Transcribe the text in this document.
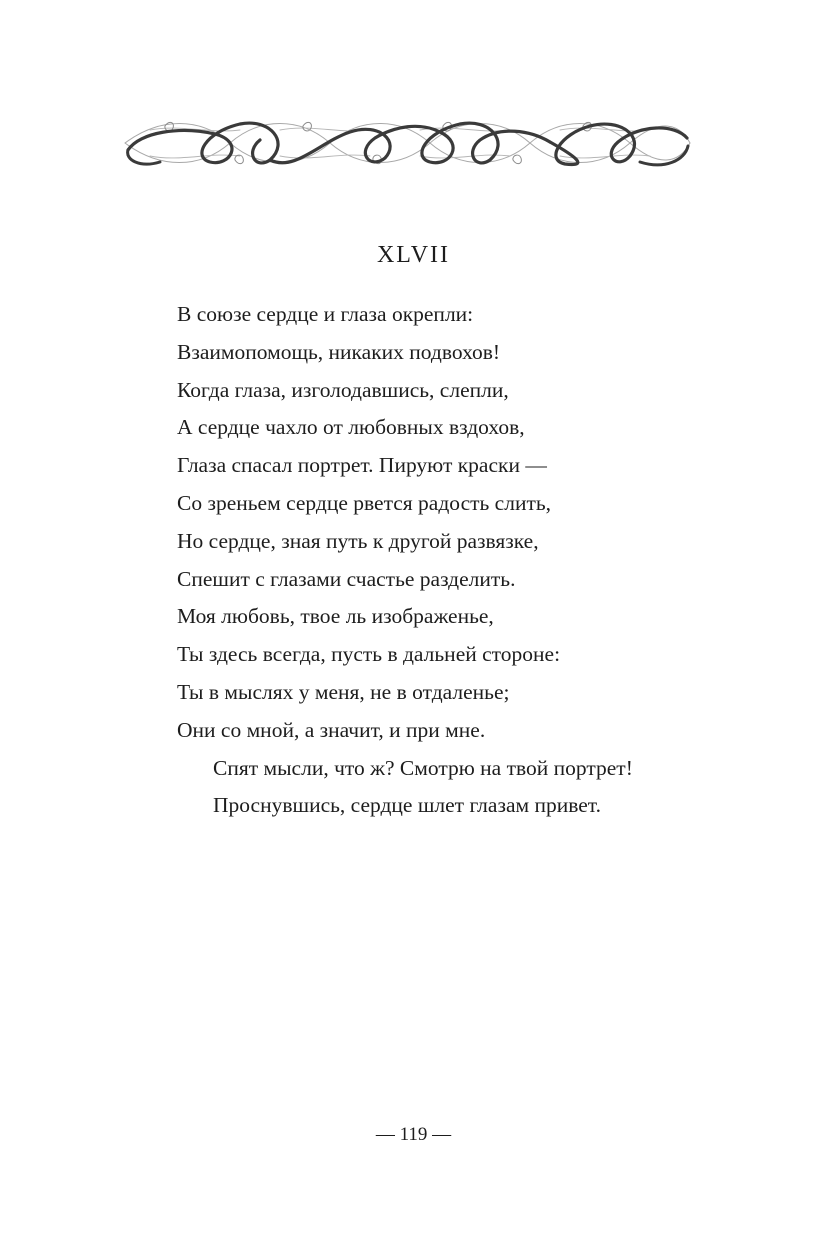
XLVII
В союзе сердце и глаза окрепли:
Взаимопомощь, никаких подвохов!
Когда глаза, изголодавшись, слепли,
А сердце чахло от любовных вздохов,
Глаза спасал портрет. Пируют краски —
Со зреньем сердце рвется радость слить,
Но сердце, зная путь к другой развязке,
Спешит с глазами счастье разделить.
Моя любовь, твое ль изображенье,
Ты здесь всегда, пусть в дальней стороне:
Ты в мыслях у меня, не в отдаленье;
Они со мной, а значит, и при мне.
Спят мысли, что ж? Смотрю на твой портрет!
Проснувшись, сердце шлет глазам привет.
— 119 —
